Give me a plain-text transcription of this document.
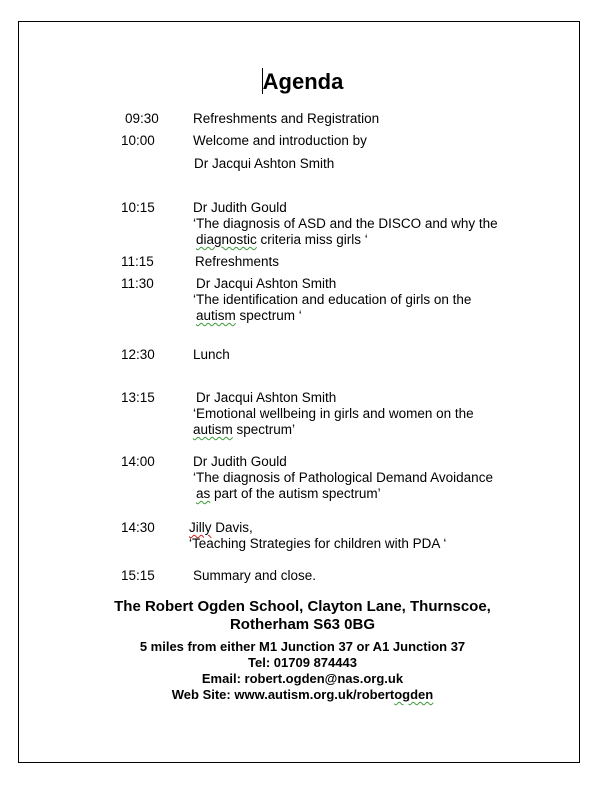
Agenda
09:30	Refreshments and Registration
10:00	Welcome and introduction by
Dr Jacqui Ashton Smith
10:15	Dr Judith Gould
‘The diagnosis of ASD and the DISCO and why the
diagnostic criteria miss girls ‘
11:15	Refreshments
11:30	Dr Jacqui Ashton Smith
‘The identification and education of girls on the
autism spectrum ‘
12:30	Lunch
13:15	Dr Jacqui Ashton Smith
‘Emotional wellbeing in girls and women on the
autism spectrum’
14:00	Dr Judith Gould
‘The diagnosis of Pathological Demand Avoidance
as part of the autism spectrum’
14:30	Jilly Davis,
‘Teaching Strategies for children with PDA ‘
15:15	Summary and close.
The Robert Ogden School, Clayton Lane, Thurnscoe,
Rotherham S63 0BG
5 miles from either M1 Junction 37 or A1 Junction 37
Tel: 01709 874443
Email: robert.ogden@nas.org.uk
Web Site: www.autism.org.uk/robertogden
